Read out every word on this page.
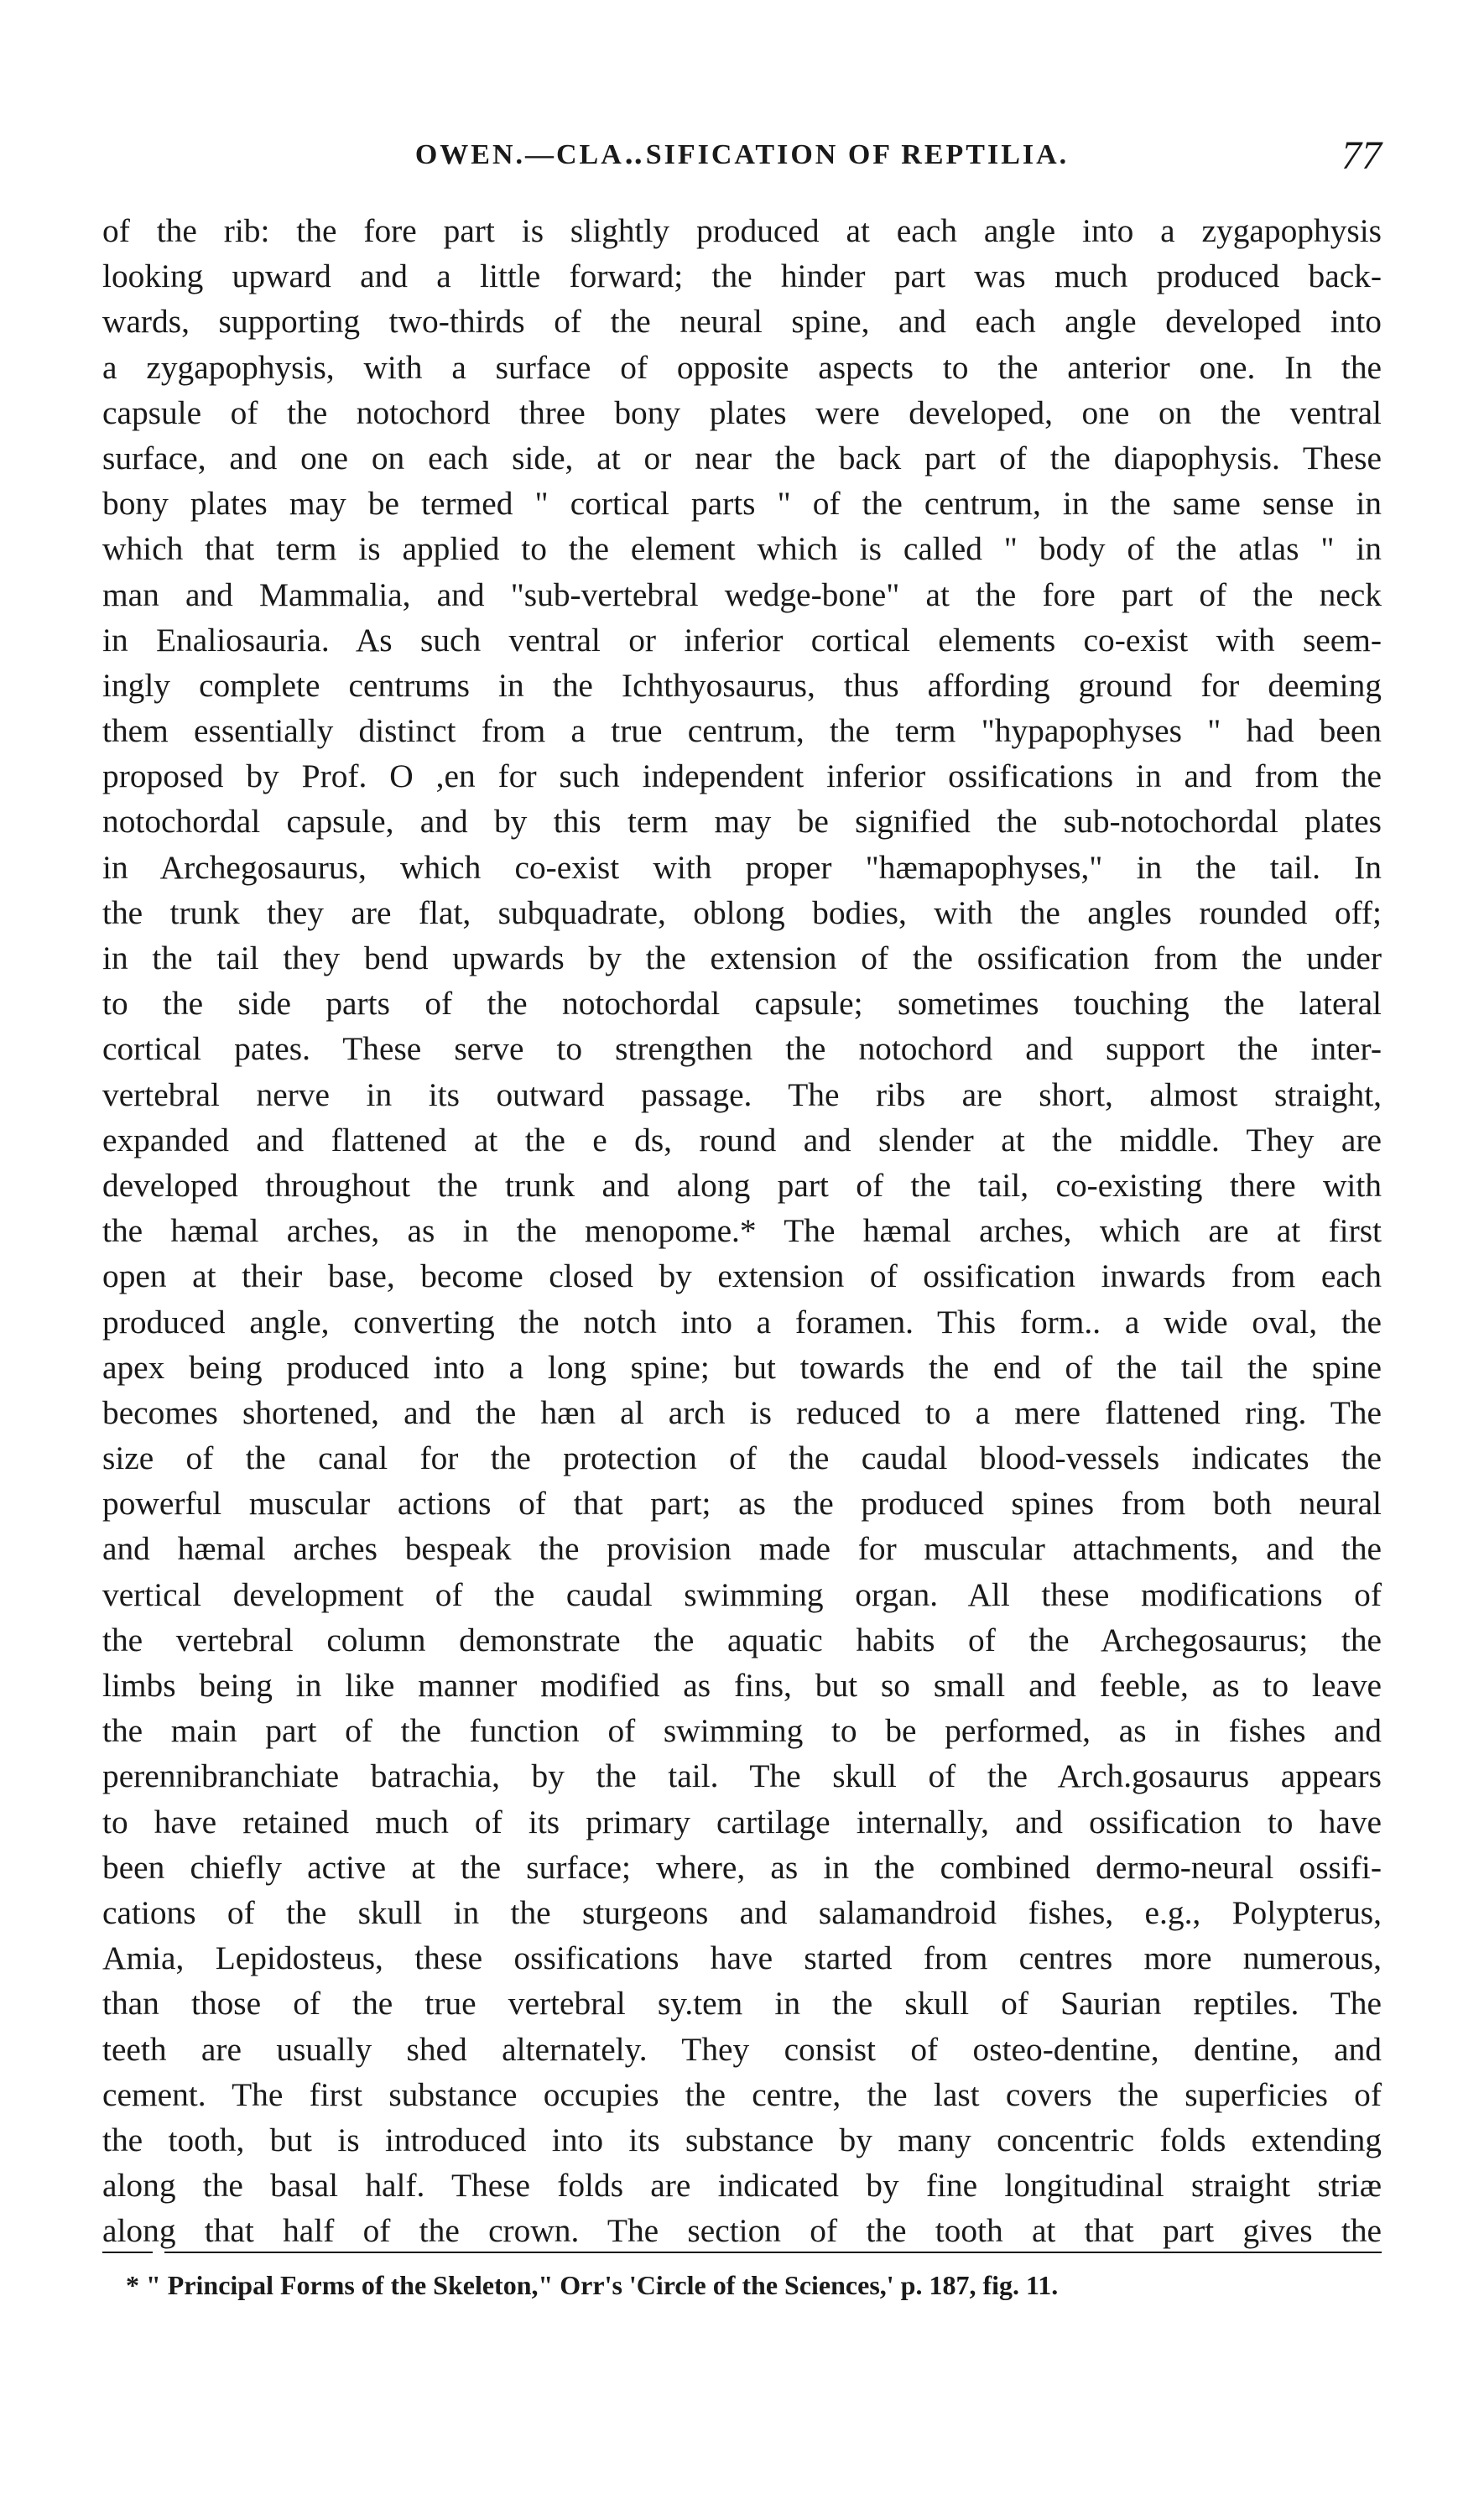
OWEN.—CLA‥SIFICATION OF REPTILIA.	77
of the rib: the fore part is slightly produced at each angle into a zygapophysis
looking upward and a little forward; the hinder part was much produced back-
wards, supporting two-thirds of the neural spine, and each angle developed into
a zygapophysis, with a surface of opposite aspects to the anterior one. In the
capsule of the notochord three bony plates were developed, one on the ventral
surface, and one on each side, at or near the back part of the diapophysis. These
bony plates may be termed " cortical parts " of the centrum, in the same sense in
which that term is applied to the element which is called " body of the atlas " in
man and Mammalia, and "sub-vertebral wedge-bone" at the fore part of the neck
in Enaliosauria. As such ventral or inferior cortical elements co-exist with seem-
ingly complete centrums in the Ichthyosaurus, thus affording ground for deeming
them essentially distinct from a true centrum, the term "hypapophyses " had been
proposed by Prof. O ,en for such independent inferior ossifications in and from the
notochordal capsule, and by this term may be signified the sub-notochordal plates
in Archegosaurus, which co-exist with proper "hæmapophyses," in the tail. In
the trunk they are flat, subquadrate, oblong bodies, with the angles rounded off;
in the tail they bend upwards by the extension of the ossification from the under
to the side parts of the notochordal capsule; sometimes touching the lateral
cortical pates. These serve to strengthen the notochord and support the inter-
vertebral nerve in its outward passage. The ribs are short, almost straight,
expanded and flattened at the e ds, round and slender at the middle. They are
developed throughout the trunk and along part of the tail, co-existing there with
the hæmal arches, as in the menopome.* The hæmal arches, which are at first
open at their base, become closed by extension of ossification inwards from each
produced angle, converting the notch into a foramen. This form.. a wide oval, the
apex being produced into a long spine; but towards the end of the tail the spine
becomes shortened, and the hæn al arch is reduced to a mere flattened ring. The
size of the canal for the protection of the caudal blood-vessels indicates the
powerful muscular actions of that part; as the produced spines from both neural
and hæmal arches bespeak the provision made for muscular attachments, and the
vertical development of the caudal swimming organ. All these modifications of
the vertebral column demonstrate the aquatic habits of the Archegosaurus; the
limbs being in like manner modified as fins, but so small and feeble, as to leave
the main part of the function of swimming to be performed, as in fishes and
perennibranchiate batrachia, by the tail. The skull of the Arch.gosaurus appears
to have retained much of its primary cartilage internally, and ossification to have
been chiefly active at the surface; where, as in the combined dermo-neural ossifi-
cations of the skull in the sturgeons and salamandroid fishes, e.g., Polypterus,
Amia, Lepidosteus, these ossifications have started from centres more numerous,
than those of the true vertebral sy.tem in the skull of Saurian reptiles. The
teeth are usually shed alternately. They consist of osteo-dentine, dentine, and
cement. The first substance occupies the centre, the last covers the superficies of
the tooth, but is introduced into its substance by many concentric folds extending
along the basal half. These folds are indicated by fine longitudinal straight striæ
along that half of the crown. The section of the tooth at that part gives the
* " Principal Forms of the Skeleton," Orr's 'Circle of the Sciences,' p. 187, fig. 11.
